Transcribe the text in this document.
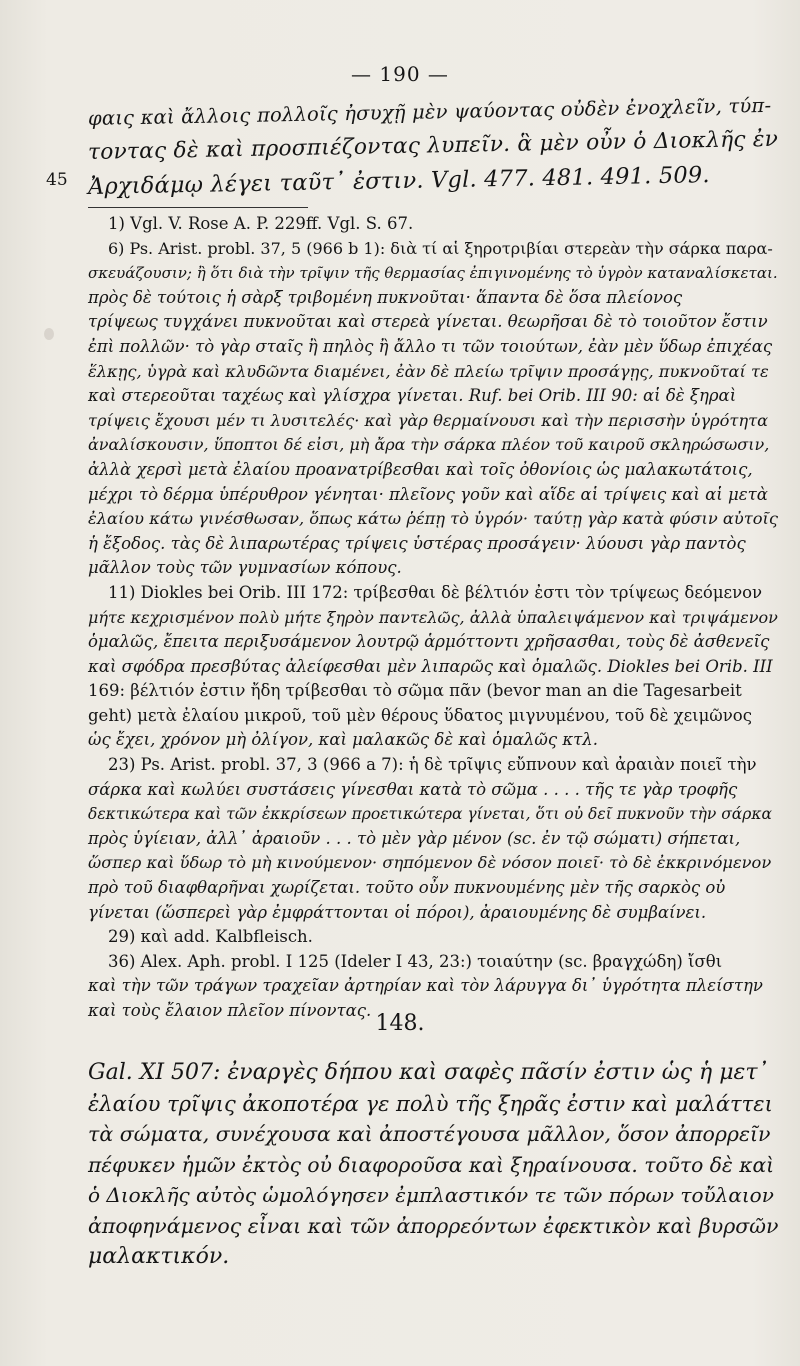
— 190 —
45
φαις καὶ ἄλλοις πολλοῖς ἠσυχῇ μὲν ψαύοντας οὐδὲν ἐνοχλεῖν, τύπ-
τοντας δὲ καὶ προσπιέζοντας λυπεῖν. ἃ μὲν οὖν ὁ Διοκλῆς ἐν
Ἀρχιδάμῳ λέγει ταῦτ᾽ ἐστιν. Vgl. 477. 481. 491. 509.
1) Vgl. V. Rose A. P. 229ff. Vgl. S. 67.
6) Ps. Arist. probl. 37, 5 (966 b 1): διὰ τί αἱ ξηροτριβίαι στερεὰν τὴν σάρκα παρα-
σκευάζουσιν; ἢ ὅτι διὰ τὴν τρῖψιν τῆς θερμασίας ἐπιγινομένης τὸ ὑγρὸν καταναλίσκεται.
πρὸς δὲ τούτοις ἡ σὰρξ τριβομένη πυκνοῦται· ἅπαντα δὲ ὅσα πλείονος
τρίψεως τυγχάνει πυκνοῦται καὶ στερεὰ γίνεται. θεωρῆσαι δὲ τὸ τοιοῦτον ἔστιν
ἐπὶ πολλῶν· τὸ γὰρ σταῖς ἢ πηλὸς ἢ ἄλλο τι τῶν τοιούτων, ἐὰν μὲν ὕδωρ ἐπιχέας
ἕλκῃς, ὑγρὰ καὶ κλυδῶντα διαμένει, ἐὰν δὲ πλείω τρῖψιν προσάγῃς, πυκνοῦταί τε
καὶ στερεοῦται ταχέως καὶ γλίσχρα γίνεται. Ruf. bei Orib. III 90: αἱ δὲ ξηραὶ
τρίψεις ἔχουσι μέν τι λυσιτελές· καὶ γὰρ θερμαίνουσι καὶ τὴν περισσὴν ὑγρότητα
ἀναλίσκουσιν, ὕποπτοι δέ εἰσι, μὴ ἄρα τὴν σάρκα πλέον τοῦ καιροῦ σκληρώσωσιν,
ἀλλὰ χερσὶ μετὰ ἐλαίου προανατρίβεσθαι καὶ τοῖς ὀθονίοις ὡς μαλακωτάτοις,
μέχρι τὸ δέρμα ὑπέρυθρον γένηται· πλεῖονς γοῦν καὶ αἵδε αἱ τρίψεις καὶ αἱ μετὰ
ἐλαίου κάτω γινέσθωσαν, ὅπως κάτω ῥέπῃ τὸ ὑγρόν· ταύτῃ γὰρ κατὰ φύσιν αὐτοῖς
ἡ ἔξοδος. τὰς δὲ λιπαρωτέρας τρίψεις ὑστέρας προσάγειν· λύουσι γὰρ παντὸς
μᾶλλον τοὺς τῶν γυμνασίων κόπους.
11) Diokles bei Orib. III 172: τρίβεσθαι δὲ βέλτιόν ἐστι τὸν τρίψεως δεόμενον
μήτε κεχρισμένον πολὺ μήτε ξηρὸν παντελῶς, ἀλλὰ ὑπαλειψάμενον καὶ τριψάμενον
ὁμαλῶς, ἔπειτα περιξυσάμενον λουτρῷ ἁρμόττοντι χρῆσασθαι, τοὺς δὲ ἀσθενεῖς
καὶ σφόδρα πρεσβύτας ἀλείφεσθαι μὲν λιπαρῶς καὶ ὁμαλῶς. Diokles bei Orib. III
169: βέλτιόν ἐστιν ἤδη τρίβεσθαι τὸ σῶμα πᾶν (bevor man an die Tagesarbeit
geht) μετὰ ἐλαίου μικροῦ, τοῦ μὲν θέρους ὕδατος μιγνυμένου, τοῦ δὲ χειμῶνος
ὡς ἔχει, χρόνον μὴ ὀλίγον, καὶ μαλακῶς δὲ καὶ ὁμαλῶς κτλ.
23) Ps. Arist. probl. 37, 3 (966 a 7): ἡ δὲ τρῖψις εὔπνουν καὶ ἀραιὰν ποιεῖ τὴν
σάρκα καὶ κωλύει συστάσεις γίνεσθαι κατὰ τὸ σῶμα . . . . τῆς τε γὰρ τροφῆς
δεκτικώτερα καὶ τῶν ἐκκρίσεων προετικώτερα γίνεται, ὅτι οὐ δεῖ πυκνοῦν τὴν σάρκα
πρὸς ὑγίειαν, ἀλλ᾽ ἀραιοῦν . . . τὸ μὲν γὰρ μένον (sc. ἐν τῷ σώματι) σήπεται,
ὥσπερ καὶ ὕδωρ τὸ μὴ κινούμενον· σηπόμενον δὲ νόσον ποιεῖ· τὸ δὲ ἐκκρινόμενον
πρὸ τοῦ διαφθαρῆναι χωρίζεται. τοῦτο οὖν πυκνουμένης μὲν τῆς σαρκὸς οὐ
γίνεται (ὥσπερεὶ γὰρ ἐμφράττονται οἱ πόροι), ἀραιουμένης δὲ συμβαίνει.
29) καὶ add. Kalbfleisch.
36) Alex. Aph. probl. I 125 (Ideler I 43, 23:) τοιαύτην (sc. βραγχώδη) ἴσθι
καὶ τὴν τῶν τράγων τραχεῖαν ἀρτηρίαν καὶ τὸν λάρυγγα δι᾽ ὑγρότητα πλείστην
καὶ τοὺς ἔλαιον πλεῖον πίνοντας.
148.
Gal. XI 507: ἐναργὲς δήπου καὶ σαφὲς πᾶσίν ἐστιν ὡς ἡ μετ᾽
ἐλαίου τρῖψις ἀκοποτέρα γε πολὺ τῆς ξηρᾶς ἐστιν καὶ μαλάττει
τὰ σώματα, συνέχουσα καὶ ἀποστέγουσα μᾶλλον, ὅσον ἀπορρεῖν
πέφυκεν ἡμῶν ἐκτὸς οὐ διαφοροῦσα καὶ ξηραίνουσα. τοῦτο δὲ καὶ
ὁ Διοκλῆς αὐτὸς ὡμολόγησεν ἐμπλαστικόν τε τῶν πόρων τοὔλαιον
ἀποφηνάμενος εἶναι καὶ τῶν ἀπορρεόντων ἐφεκτικὸν καὶ βυρσῶν
μαλακτικόν.
